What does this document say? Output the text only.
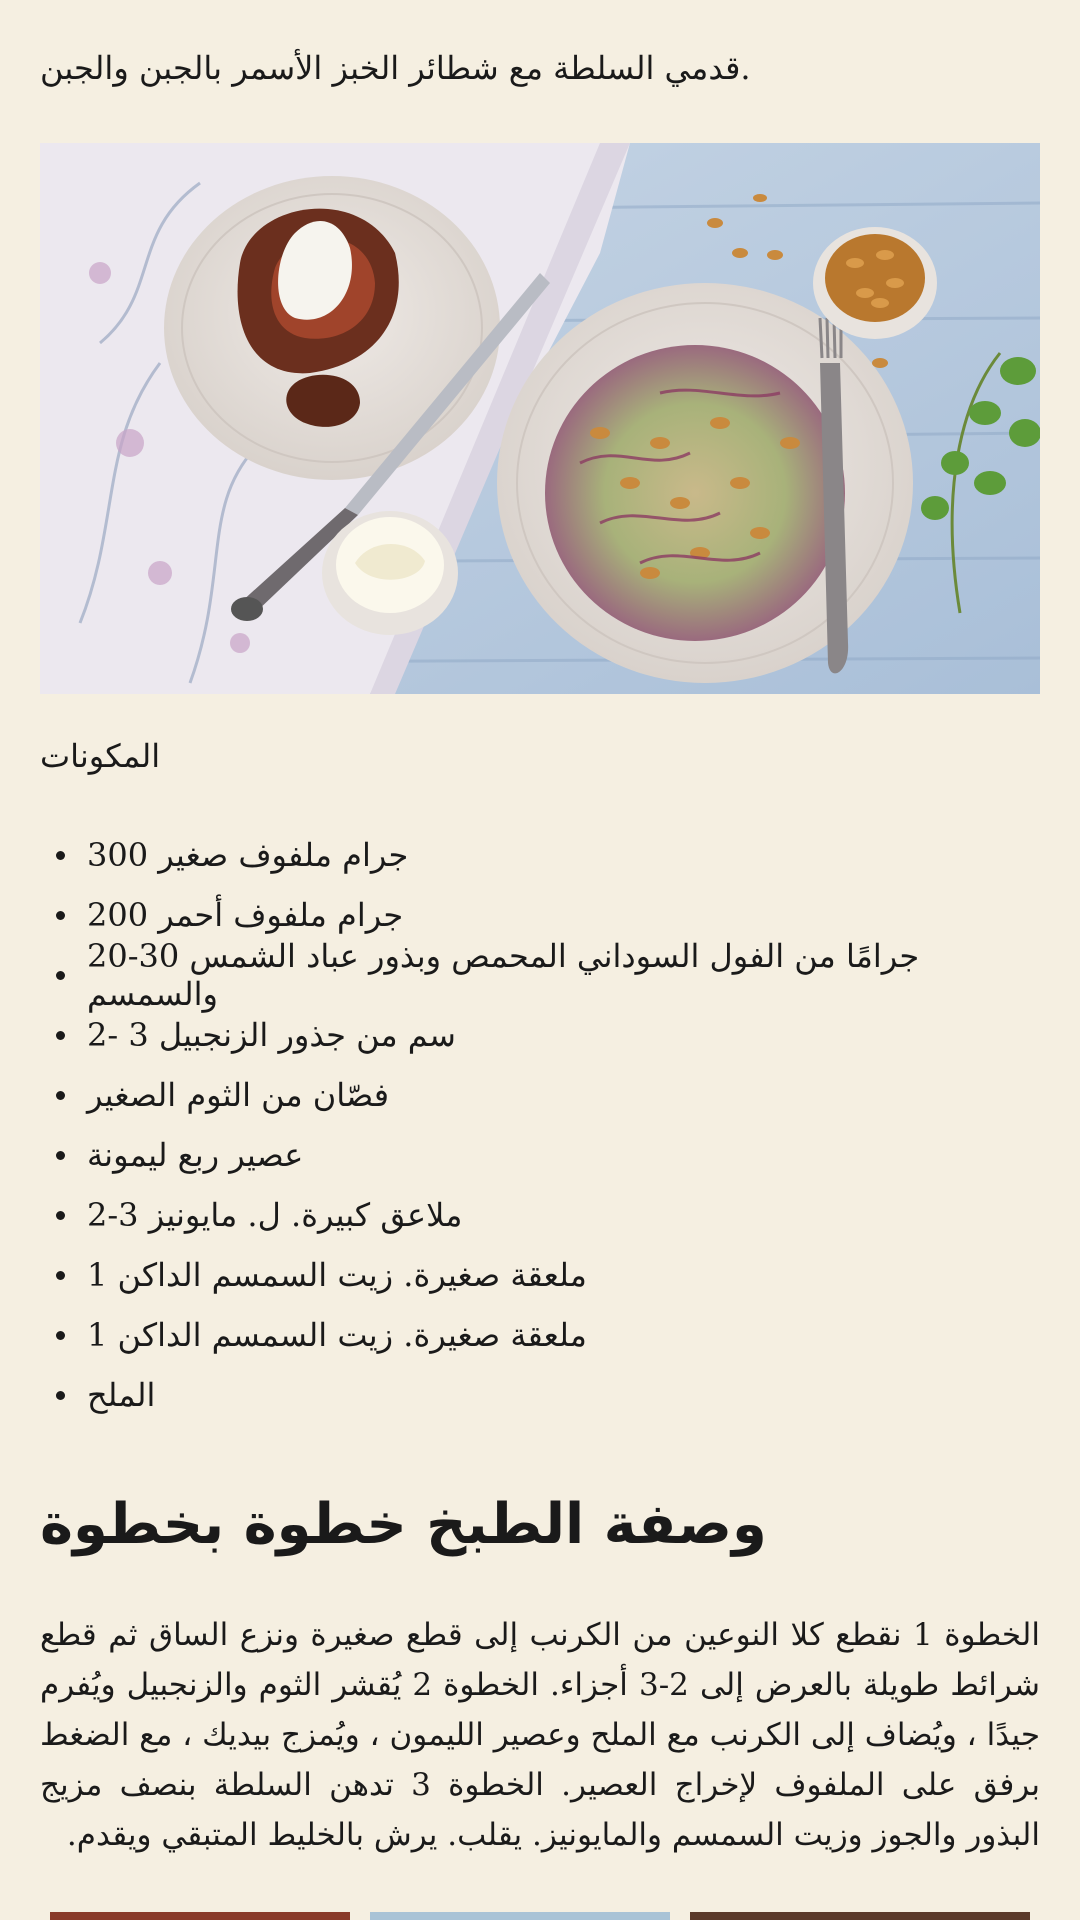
قدمي السلطة مع شطائر الخبز الأسمر بالجبن والجبن.
المكونات
300 جرام ملفوف صغير
200 جرام ملفوف أحمر
20-30 جرامًا من الفول السوداني المحمص وبذور عباد الشمس والسمسم
2- 3 سم من جذور الزنجبيل
فصّان من الثوم الصغير
عصير ربع ليمونة
2-3 ملاعق كبيرة. ل. مايونيز
1 ملعقة صغيرة. زيت السمسم الداكن
1 ملعقة صغيرة. زيت السمسم الداكن
الملح
وصفة الطبخ خطوة بخطوة
الخطوة 1 نقطع كلا النوعين من الكرنب إلى قطع صغيرة ونزع الساق ثم قطع شرائط طويلة بالعرض إلى 2-3 أجزاء. الخطوة 2 يُقشر الثوم والزنجبيل ويُفرم جيدًا ، ويُضاف إلى الكرنب مع الملح وعصير الليمون ، ويُمزج بيديك ، مع الضغط برفق على الملفوف لإخراج العصير. الخطوة 3 تدهن السلطة بنصف مزيج البذور والجوز وزيت السمسم والمايونيز. يقلب. يرش بالخليط المتبقي ويقدم.
